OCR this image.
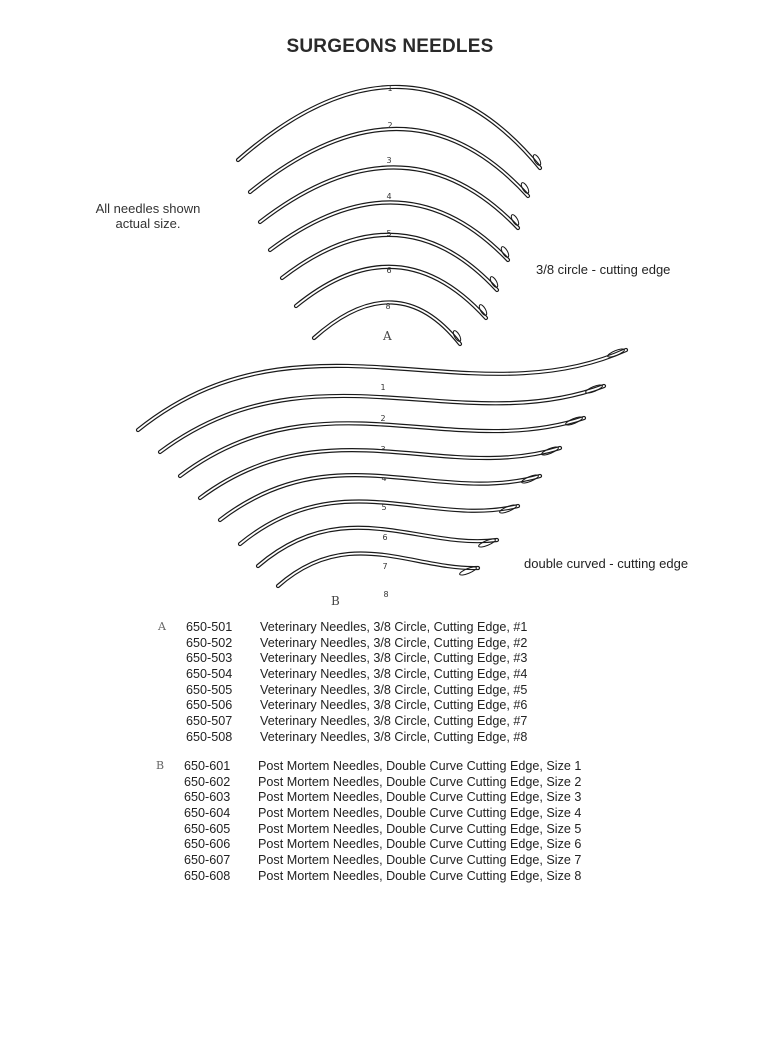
SURGEONS NEEDLES
All needles shown actual size.
3/8 circle - cutting edge
double curved - cutting edge
1
2
3
4
5
6
8
1
2
3
4
5
6
7
8
A
B
A 650-501 Veterinary Needles, 3/8 Circle, Cutting Edge, #1
650-502 Veterinary Needles, 3/8 Circle, Cutting Edge, #2
650-503 Veterinary Needles, 3/8 Circle, Cutting Edge, #3
650-504 Veterinary Needles, 3/8 Circle, Cutting Edge, #4
650-505 Veterinary Needles, 3/8 Circle, Cutting Edge, #5
650-506 Veterinary Needles, 3/8 Circle, Cutting Edge, #6
650-507 Veterinary Needles, 3/8 Circle, Cutting Edge, #7
650-508 Veterinary Needles, 3/8 Circle, Cutting Edge, #8
B 650-601 Post Mortem Needles, Double Curve Cutting Edge, Size 1
650-602 Post Mortem Needles, Double Curve Cutting Edge, Size 2
650-603 Post Mortem Needles, Double Curve Cutting Edge, Size 3
650-604 Post Mortem Needles, Double Curve Cutting Edge, Size 4
650-605 Post Mortem Needles, Double Curve Cutting Edge, Size 5
650-606 Post Mortem Needles, Double Curve Cutting Edge, Size 6
650-607 Post Mortem Needles, Double Curve Cutting Edge, Size 7
650-608 Post Mortem Needles, Double Curve Cutting Edge, Size 8
